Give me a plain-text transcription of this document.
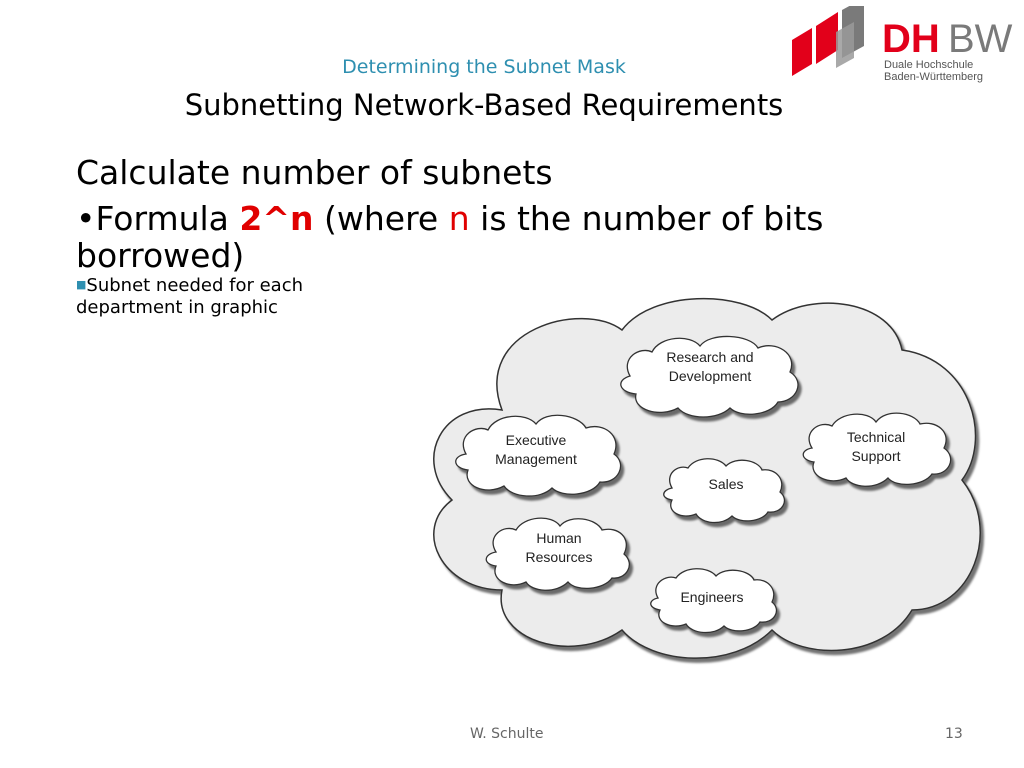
Determining the Subnet Mask
Subnetting Network-Based Requirements
DH BW
Duale Hochschule
Baden-Württemberg

Calculate number of subnets

•Formula 2^n (where n is the number of bits borrowed)

■Subnet needed for each department in graphic

Research and
Development
Executive
Management
Technical
Support
Sales
Human
Resources
Engineers
W. Schulte	13
